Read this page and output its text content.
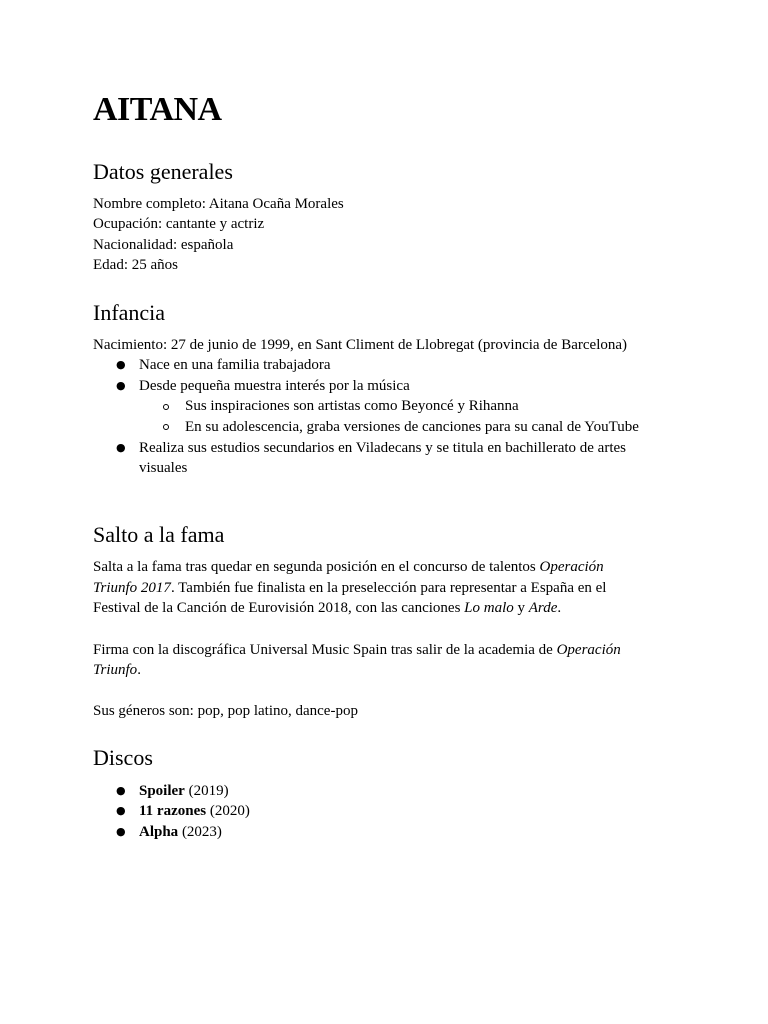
AITANA
Datos generales

Nombre completo: Aitana Ocaña Morales

Ocupación: cantante y actriz

Nacionalidad: española

Edad: 25 años

Infancia

Nacimiento: 27 de junio de 1999, en Sant Climent de Llobregat (provincia de Barcelona)

● Nace en una familia trabajadora
● Desde pequeña muestra interés por la música
Sus inspiraciones son artistas como Beyoncé y Rihanna
En su adolescencia, graba versiones de canciones para su canal de YouTube
● Realiza sus estudios secundarios en Viladecans y se titula en bachillerato de artes
visuales
Salto a la fama

Salta a la fama tras quedar en segunda posición en el concurso de talentos Operación

Triunfo 2017. También fue finalista en la preselección para representar a España en el

Festival de la Canción de Eurovisión 2018, con las canciones Lo malo y Arde.

Firma con la discográfica Universal Music Spain tras salir de la academia de Operación

Triunfo.

Sus géneros son: pop, pop latino, dance-pop

Discos
● Spoiler (2019)
● 11 razones (2020)
● Alpha (2023)
